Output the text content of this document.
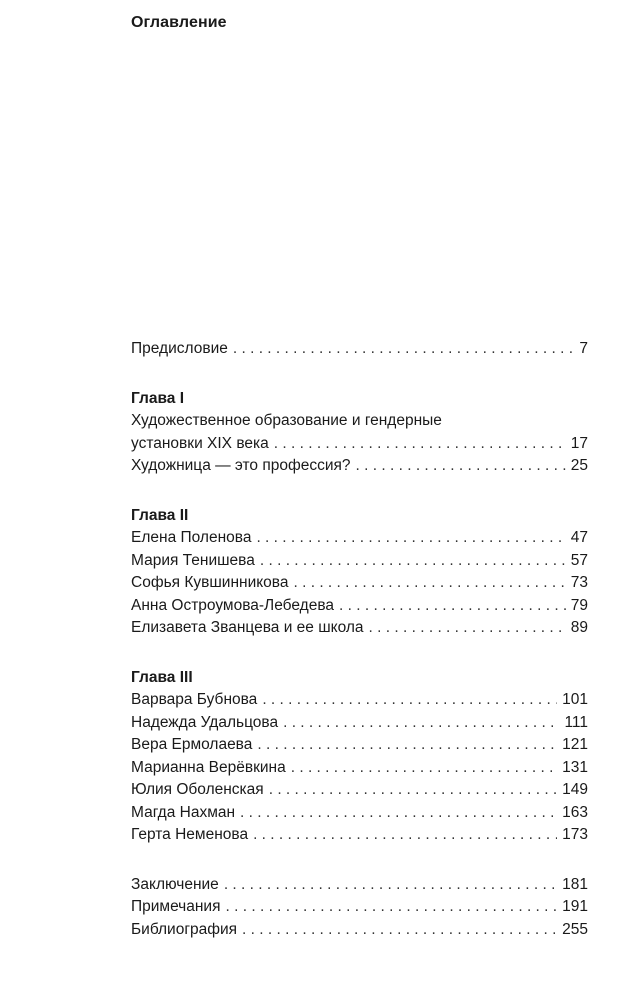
Оглавление
Предисловие . . .	7
Глава I
Художественное образование и гендерные
установки XIX века . . .	17
Художница — это профессия? . . .	25
Глава II
Елена Поленова . . .	47
Мария Тенишева . . .	57
Софья Кувшинникова . . .	73
Анна Остроумова-Лебедева . . .	79
Елизавета Званцева и ее школа . . .	89
Глава III
Варвара Бубнова . . .	101
Надежда Удальцова . . .	111
Вера Ермолаева . . .	121
Марианна Верёвкина . . .	131
Юлия Оболенская . . .	149
Магда Нахман . . .	163
Герта Неменова . . .	173
Заключение . . .	181
Примечания . . .	191
Библиография . . .	255
